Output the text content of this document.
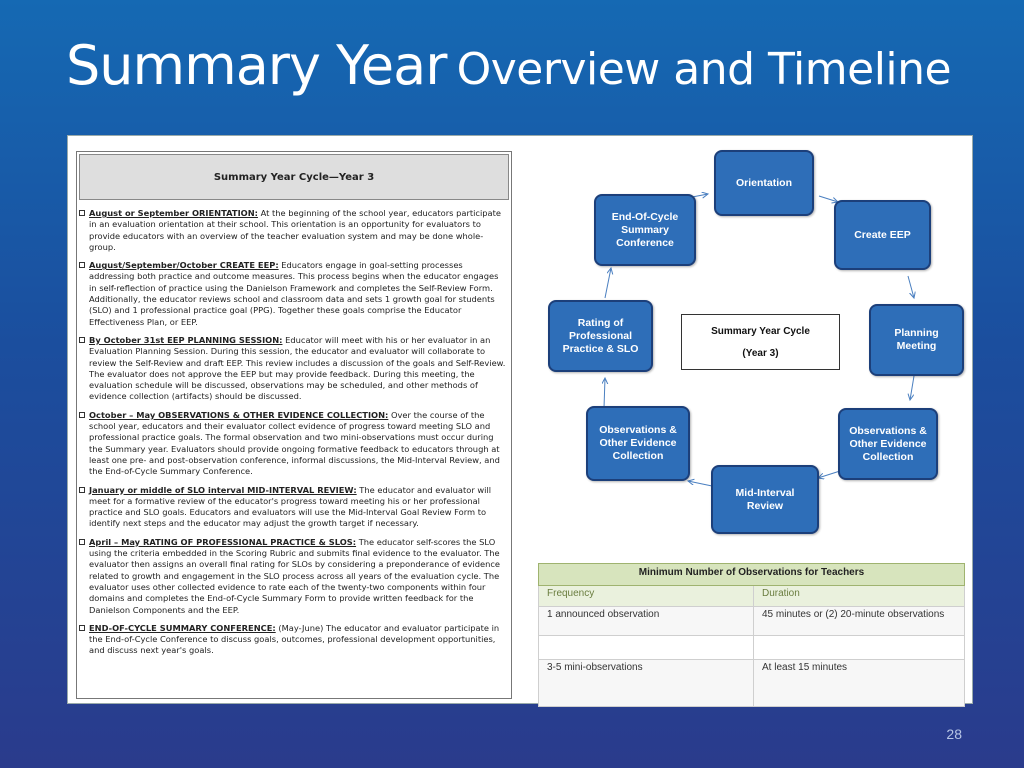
Summary Year Overview and Timeline
Summary Year Cycle—Year 3
August or September ORIENTATION: At the beginning of the school year, educators participate in an evaluation orientation at their school. This orientation is an opportunity for evaluators to provide educators with an overview of the teacher evaluation system and may be done whole-group.
August/September/October CREATE EEP: Educators engage in goal-setting processes addressing both practice and outcome measures. This process begins when the educator engages in self-reflection of practice using the Danielson Framework and completes the Self-Review Form. Additionally, the educator reviews school and classroom data and sets 1 growth goal for students (SLO) and 1 professional practice goal (PPG). Together these goals comprise the Educator Effectiveness Plan, or EEP.
By October 31st EEP PLANNING SESSION: Educator will meet with his or her evaluator in an Evaluation Planning Session. During this session, the educator and evaluator will collaborate to review the Self-Review and draft EEP. This review includes a discussion of the goals and Self-Review. The evaluator does not approve the EEP but may provide feedback. During this meeting, the evaluation schedule will be discussed, observations may be scheduled, and other methods of evidence collection (artifacts) should be discussed.
October – May OBSERVATIONS & OTHER EVIDENCE COLLECTION: Over the course of the school year, educators and their evaluator collect evidence of progress toward meeting SLO and professional practice goals. The formal observation and two mini-observations must occur during the Summary year. Evaluators should provide ongoing formative feedback to educators through at least one pre- and post-observation conference, informal discussions, the Mid-Interval Review, and the End-of-Cycle Summary Conference.
January or middle of SLO interval MID-INTERVAL REVIEW: The educator and evaluator will meet for a formative review of the educator's progress toward meeting his or her professional practice and SLO goals. Educators and evaluators will use the Mid-Interval Goal Review Form to identify next steps and the educator may adjust the growth target if necessary.
April – May RATING OF PROFESSIONAL PRACTICE & SLOS: The educator self-scores the SLO using the criteria embedded in the Scoring Rubric and submits final evidence to the evaluator. The evaluator then assigns an overall final rating for SLOs by considering a preponderance of evidence related to growth and engagement in the SLO process across all years of the evaluation cycle. The evaluator uses other collected evidence to rate each of the twenty-two components within four domains and completes the End-of-Cycle Summary Form to provide written feedback for the Danielson Components and the EEP.
END-OF-CYCLE SUMMARY CONFERENCE: (May-June) The educator and evaluator participate in the End-of-Cycle Conference to discuss goals, outcomes, professional development opportunities, and discuss next year's goals.
Orientation
Create EEP
Planning Meeting
Observations & Other Evidence Collection
Mid-Interval Review
Observations & Other Evidence Collection
Rating of Professional Practice & SLO
End-Of-Cycle Summary Conference
Summary Year Cycle
(Year 3)
Minimum Number of Observations for Teachers	
Frequency	Duration
1 announced observation	45 minutes or (2) 20-minute observations

3-5 mini-observations	At least 15 minutes
28
